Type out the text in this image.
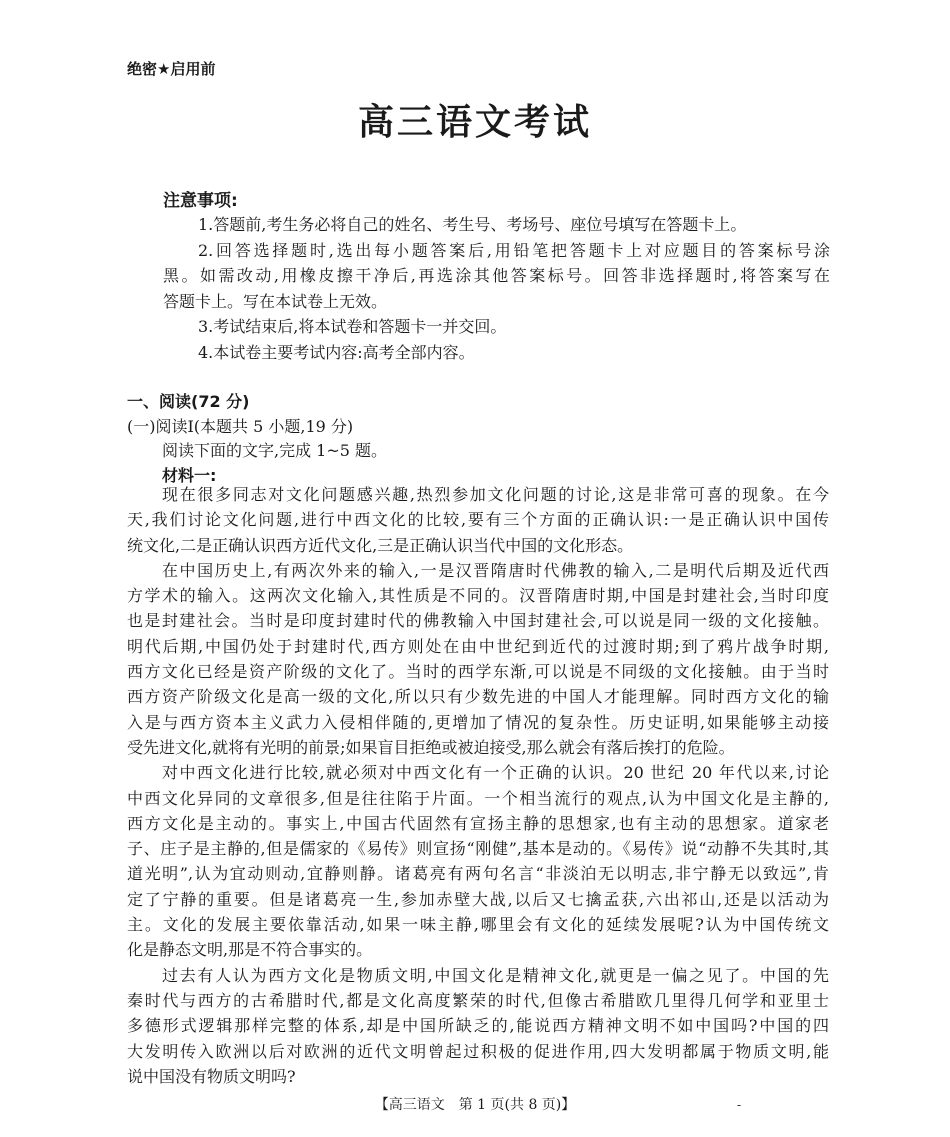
绝密★启用前
高三语文考试
注意事项:
1.答题前,考生务必将自己的姓名、考生号、考场号、座位号填写在答题卡上。
2.回答选择题时,选出每小题答案后,用铅笔把答题卡上对应题目的答案标号涂
黑。如需改动,用橡皮擦干净后,再选涂其他答案标号。回答非选择题时,将答案写在
答题卡上。写在本试卷上无效。
3.考试结束后,将本试卷和答题卡一并交回。
4.本试卷主要考试内容:高考全部内容。
一、阅读(72 分)
(一)阅读Ⅰ(本题共 5 小题,19 分)
阅读下面的文字,完成 1~5 题。
材料一:
现在很多同志对文化问题感兴趣,热烈参加文化问题的讨论,这是非常可喜的现象。在今
天,我们讨论文化问题,进行中西文化的比较,要有三个方面的正确认识:一是正确认识中国传
统文化,二是正确认识西方近代文化,三是正确认识当代中国的文化形态。
在中国历史上,有两次外来的输入,一是汉晋隋唐时代佛教的输入,二是明代后期及近代西
方学术的输入。这两次文化输入,其性质是不同的。汉晋隋唐时期,中国是封建社会,当时印度
也是封建社会。当时是印度封建时代的佛教输入中国封建社会,可以说是同一级的文化接触。
明代后期,中国仍处于封建时代,西方则处在由中世纪到近代的过渡时期;到了鸦片战争时期,
西方文化已经是资产阶级的文化了。当时的西学东渐,可以说是不同级的文化接触。由于当时
西方资产阶级文化是高一级的文化,所以只有少数先进的中国人才能理解。同时西方文化的输
入是与西方资本主义武力入侵相伴随的,更增加了情况的复杂性。历史证明,如果能够主动接
受先进文化,就将有光明的前景;如果盲目拒绝或被迫接受,那么就会有落后挨打的危险。
对中西文化进行比较,就必须对中西文化有一个正确的认识。20 世纪 20 年代以来,讨论
中西文化异同的文章很多,但是往往陷于片面。一个相当流行的观点,认为中国文化是主静的,
西方文化是主动的。事实上,中国古代固然有宣扬主静的思想家,也有主动的思想家。道家老
子、庄子是主静的,但是儒家的《易传》则宣扬“刚健”,基本是动的。《易传》说“动静不失其时,其
道光明”,认为宜动则动,宜静则静。诸葛亮有两句名言“非淡泊无以明志,非宁静无以致远”,肯
定了宁静的重要。但是诸葛亮一生,参加赤壁大战,以后又七擒孟获,六出祁山,还是以活动为
主。文化的发展主要依靠活动,如果一味主静,哪里会有文化的延续发展呢?认为中国传统文
化是静态文明,那是不符合事实的。
过去有人认为西方文化是物质文明,中国文化是精神文化,就更是一偏之见了。中国的先
秦时代与西方的古希腊时代,都是文化高度繁荣的时代,但像古希腊欧几里得几何学和亚里士
多德形式逻辑那样完整的体系,却是中国所缺乏的,能说西方精神文明不如中国吗?中国的四
大发明传入欧洲以后对欧洲的近代文明曾起过积极的促进作用,四大发明都属于物质文明,能
说中国没有物质文明吗?
【高三语文　第 1 页(共 8 页)】	-
